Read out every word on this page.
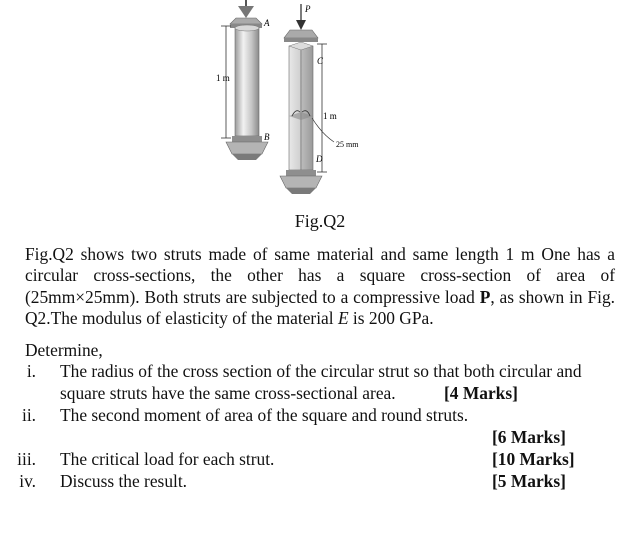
1 m
A
B
P
C
D
1 m
25 mm
Fig.Q2
Fig.Q2 shows two struts made of same material and same length 1 m One has a circular cross-sections, the other has a square cross-section of area of (25mm×25mm). Both struts are subjected to a compressive load P, as shown in Fig. Q2.The modulus of elasticity of the material E is 200 GPa.
Determine,
i. The radius of the cross section of the circular strut so that both circular and
square struts have the same cross-sectional area.	[4 Marks]
ii. The second moment of area of the square and round struts.
[6 Marks]
iii. The critical load for each strut.	[10 Marks]
iv. Discuss the result.	[5 Marks]
